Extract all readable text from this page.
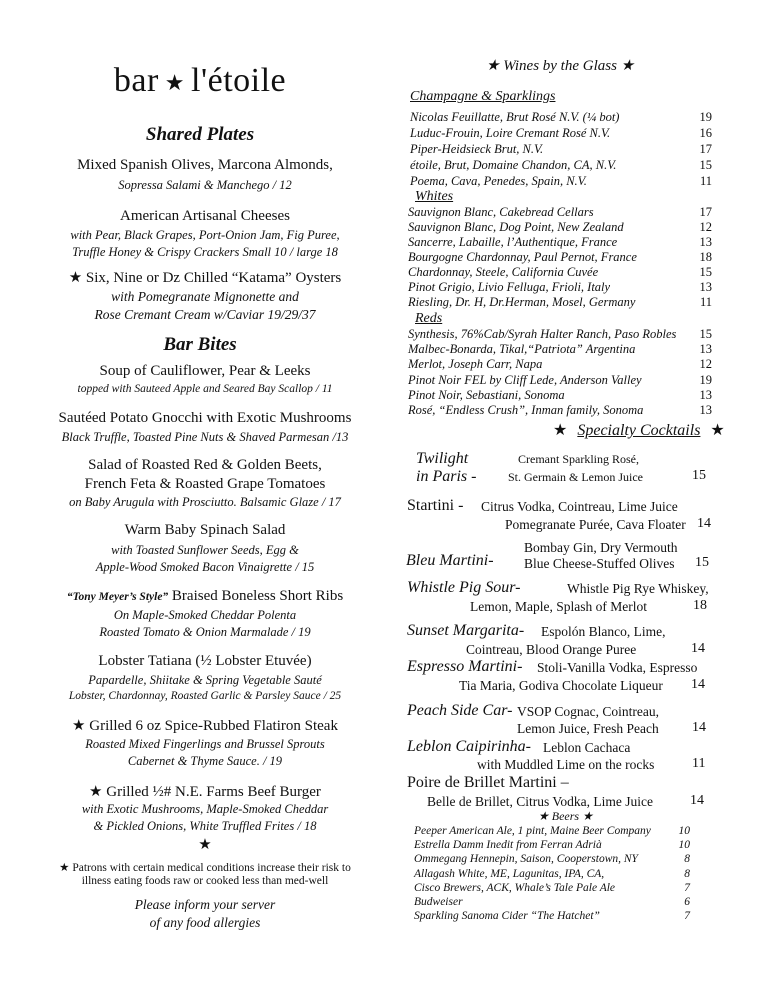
bar ★ l'étoile
Shared Plates
Mixed Spanish Olives, Marcona Almonds,
Sopressa Salami & Manchego / 12
American Artisanal Cheeses
with Pear, Black Grapes, Port-Onion Jam, Fig Puree,
Truffle Honey & Crispy Crackers Small 10 / large 18
★ Six, Nine or Dz Chilled “Katama” Oysters
with Pomegranate Mignonette and
Rose Cremant Cream w/Caviar 19/29/37
Bar Bites
Soup of Cauliflower, Pear & Leeks
topped with Sauteed Apple and Seared Bay Scallop / 11
Sautéed Potato Gnocchi with Exotic Mushrooms
Black Truffle, Toasted Pine Nuts & Shaved Parmesan /13
Salad of Roasted Red & Golden Beets,
French Feta & Roasted Grape Tomatoes
on Baby Arugula with Prosciutto. Balsamic Glaze / 17
Warm Baby Spinach Salad
with Toasted Sunflower Seeds, Egg &
Apple-Wood Smoked Bacon Vinaigrette / 15
“Tony Meyer’s Style” Braised Boneless Short Ribs
On Maple-Smoked Cheddar Polenta
Roasted Tomato & Onion Marmalade / 19
Lobster Tatiana (½ Lobster Etuvée)
Papardelle, Shiitake & Spring Vegetable Sauté
Lobster, Chardonnay, Roasted Garlic & Parsley Sauce / 25
★ Grilled 6 oz Spice-Rubbed Flatiron Steak
Roasted Mixed Fingerlings and Brussel Sprouts
Cabernet & Thyme Sauce. / 19
★ Grilled ½# N.E. Farms Beef Burger
with Exotic Mushrooms, Maple-Smoked Cheddar
& Pickled Onions, White Truffled Frites / 18
★
★ Patrons with certain medical conditions increase their risk to
illness eating foods raw or cooked less than med-well
Please inform your server
of any food allergies
★ Wines by the Glass ★
Champagne & Sparklings
Nicolas Feuillatte, Brut Rosé N.V. (¼ bot)	19
Luduc-Frouin, Loire Cremant Rosé N.V.	16
Piper-Heidsieck Brut, N.V.	17
étoile, Brut, Domaine Chandon, CA, N.V.	15
Poema, Cava, Penedes, Spain, N.V.	11
Whites
Sauvignon Blanc, Cakebread Cellars	17
Sauvignon Blanc, Dog Point, New Zealand	12
Sancerre, Labaille, l’Authentique, France	13
Bourgogne Chardonnay, Paul Pernot, France	18
Chardonnay, Steele, California Cuvée	15
Pinot Grigio, Livio Felluga, Frioli, Italy	13
Riesling, Dr. H, Dr.Herman, Mosel, Germany	11
Reds
Synthesis, 76%Cab/Syrah Halter Ranch, Paso Robles	15
Malbec-Bonarda, Tikal,“Patriota” Argentina	13
Merlot, Joseph Carr, Napa	12
Pinot Noir FEL by Cliff Lede, Anderson Valley	19
Pinot Noir, Sebastiani, Sonoma	13
Rosé, “Endless Crush”, Inman family, Sonoma	13
★ Specialty Cocktails ★
Twilight
in Paris -
Cremant Sparkling Rosé,
St. Germain & Lemon Juice	15
Startini - Citrus Vodka, Cointreau, Lime Juice
Pomegranate Purée, Cava Floater 14
Bleu Martini-
Bombay Gin, Dry Vermouth
Blue Cheese-Stuffed Olives 15
Whistle Pig Sour-	Whistle Pig Rye Whiskey,
Lemon, Maple, Splash of Merlot	18
Sunset Margarita- Espolón Blanco, Lime,
Cointreau, Blood Orange Puree	14
Espresso Martini- Stoli-Vanilla Vodka, Espresso
Tia Maria, Godiva Chocolate Liqueur 14
Peach Side Car- VSOP Cognac, Cointreau,
Lemon Juice, Fresh Peach 14
Leblon Caipirinha- Leblon Cachaca
with Muddled Lime on the rocks	11
Poire de Brillet Martini –
Belle de Brillet, Citrus Vodka, Lime Juice	14
★ Beers ★
Peeper American Ale, 1 pint, Maine Beer Company	10
Estrella Damm Inedit from Ferran Adrià	10
Ommegang Hennepin, Saison, Cooperstown, NY	8
Allagash White, ME, Lagunitas, IPA, CA,	8
Cisco Brewers, ACK, Whale’s Tale Pale Ale	7
Budweiser	6
Sparkling Sanoma Cider “The Hatchet”	7
